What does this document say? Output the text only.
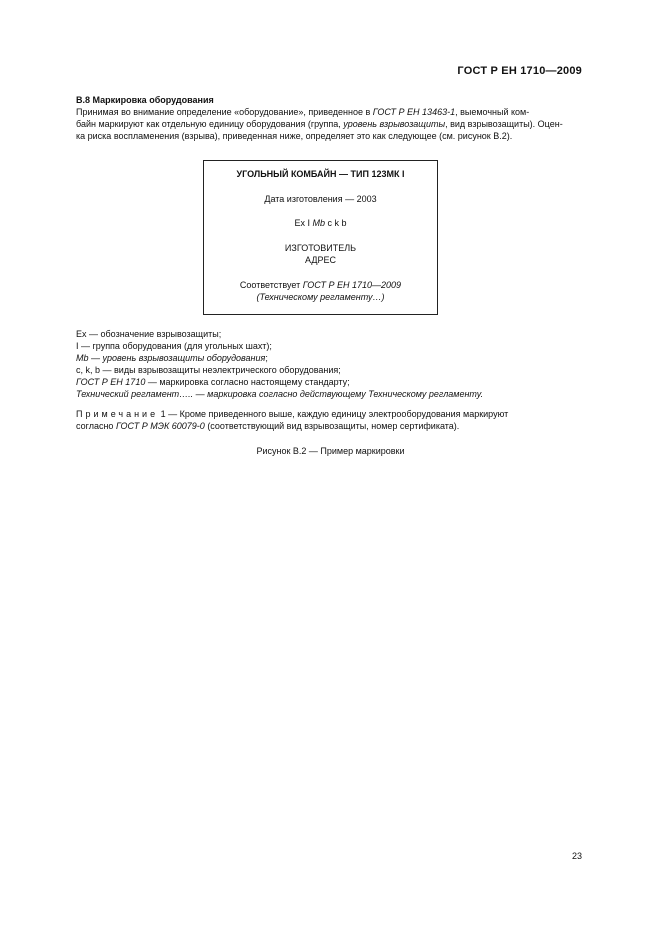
ГОСТ Р ЕН 1710—2009
В.8 Маркировка оборудования
Принимая во внимание определение «оборудование», приведенное в ГОСТ Р ЕН 13463-1, выемочный ком-
байн маркируют как отдельную единицу оборудования (группа, уровень взрывозащиты, вид взрывозащиты). Оцен-
ка риска воспламенения (взрыва), приведенная ниже, определяет это как следующее (см. рисунок В.2).
УГОЛЬНЫЙ КОМБАЙН — ТИП 123МК I
Дата изготовления — 2003
Ex I Mb c k b
ИЗГОТОВИТЕЛЬ
АДРЕС
Соответствует ГОСТ Р ЕН 1710—2009
(Техническому регламенту…)
Ex — обозначение взрывозащиты;
I — группа оборудования (для угольных шахт);
Mb — уровень взрывозащиты оборудования;
c, k, b — виды взрывозащиты неэлектрического оборудования;
ГОСТ Р ЕН 1710 — маркировка согласно настоящему стандарту;
Технический регламент….. — маркировка согласно действующему Техническому регламенту.
Примечание 1 — Кроме приведенного выше, каждую единицу электрооборудования маркируют
согласно ГОСТ Р МЭК 60079-0 (соответствующий вид взрывозащиты, номер сертификата).
Рисунок В.2 — Пример маркировки
23
